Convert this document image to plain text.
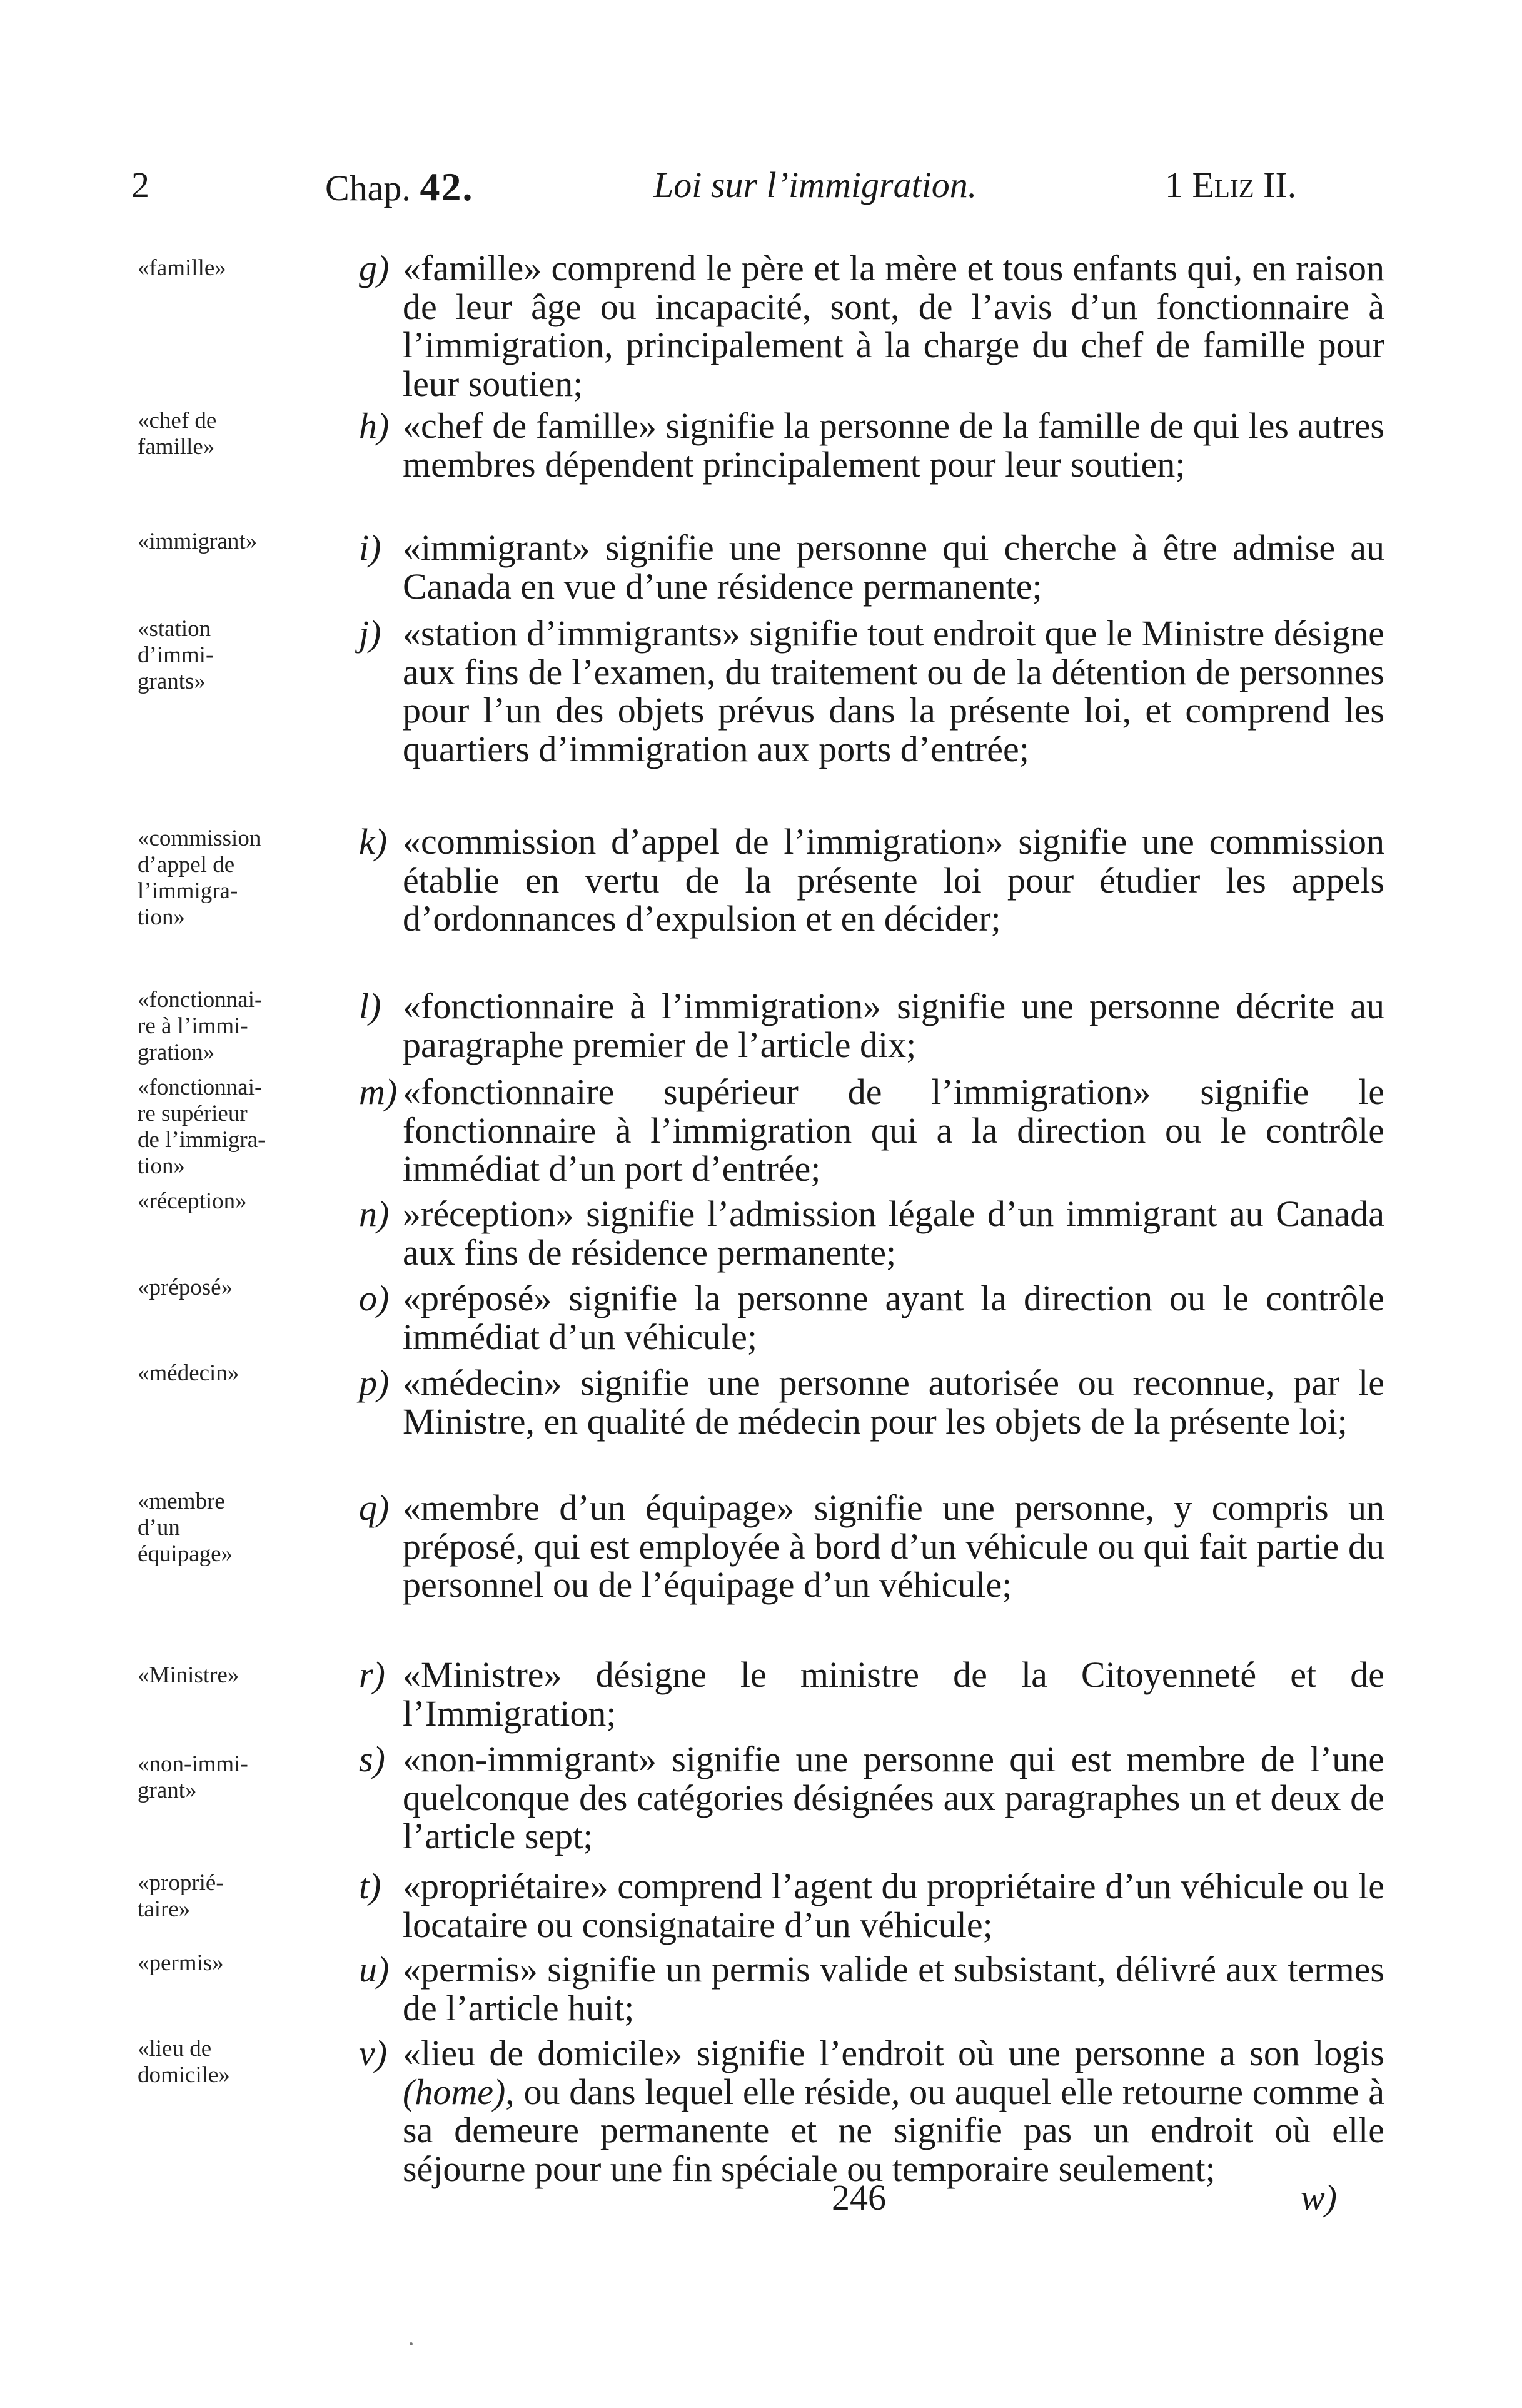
2	Chap. 42.	Loi sur l’immigration.	1 Eliz II.
«famille»
«chef de
famille»
«immigrant»
«station
d’immi-
grants»
«commission
d’appel de
l’immigra-
tion»
«fonctionnai-
re à l’immi-
gration»
«fonctionnai-
re supérieur
de l’immigra-
tion»
«réception»
«préposé»
«médecin»
«membre
d’un
équipage»
«Ministre»
«non-immi-
grant»
«proprié-
taire»
«permis»
«lieu de
domicile»
g) «famille» comprend le père et la mère et tous enfants qui, en raison de leur âge ou incapacité, sont, de l’avis d’un fonctionnaire à l’immigration, principalement à la charge du chef de famille pour leur soutien;
h) «chef de famille» signifie la personne de la famille de qui les autres membres dépendent principalement pour leur soutien;
i) «immigrant» signifie une personne qui cherche à être admise au Canada en vue d’une résidence permanente;
j) «station d’immigrants» signifie tout endroit que le Ministre désigne aux fins de l’examen, du traitement ou de la détention de personnes pour l’un des objets prévus dans la présente loi, et comprend les quartiers d’immigration aux ports d’entrée;
k) «commission d’appel de l’immigration» signifie une commission établie en vertu de la présente loi pour étudier les appels d’ordonnances d’expulsion et en décider;
l) «fonctionnaire à l’immigration» signifie une personne décrite au paragraphe premier de l’article dix;
m) «fonctionnaire supérieur de l’immigration» signifie le fonctionnaire à l’immigration qui a la direction ou le contrôle immédiat d’un port d’entrée;
n) »réception» signifie l’admission légale d’un immigrant au Canada aux fins de résidence permanente;
o) «préposé» signifie la personne ayant la direction ou le contrôle immédiat d’un véhicule;
p) «médecin» signifie une personne autorisée ou reconnue, par le Ministre, en qualité de médecin pour les objets de la présente loi;
q) «membre d’un équipage» signifie une personne, y compris un préposé, qui est employée à bord d’un véhicule ou qui fait partie du personnel ou de l’équipage d’un véhicule;
r) «Ministre» désigne le ministre de la Citoyenneté et de l’Immigration;
s) «non-immigrant» signifie une personne qui est membre de l’une quelconque des catégories désignées aux paragraphes un et deux de l’article sept;
t) «propriétaire» comprend l’agent du propriétaire d’un véhicule ou le locataire ou consignataire d’un véhicule;
u) «permis» signifie un permis valide et subsistant, délivré aux termes de l’article huit;
v) «lieu de domicile» signifie l’endroit où une personne a son logis (home), ou dans lequel elle réside, ou auquel elle retourne comme à sa demeure permanente et ne signifie pas un endroit où elle séjourne pour une fin spéciale ou temporaire seulement;
246	w)
